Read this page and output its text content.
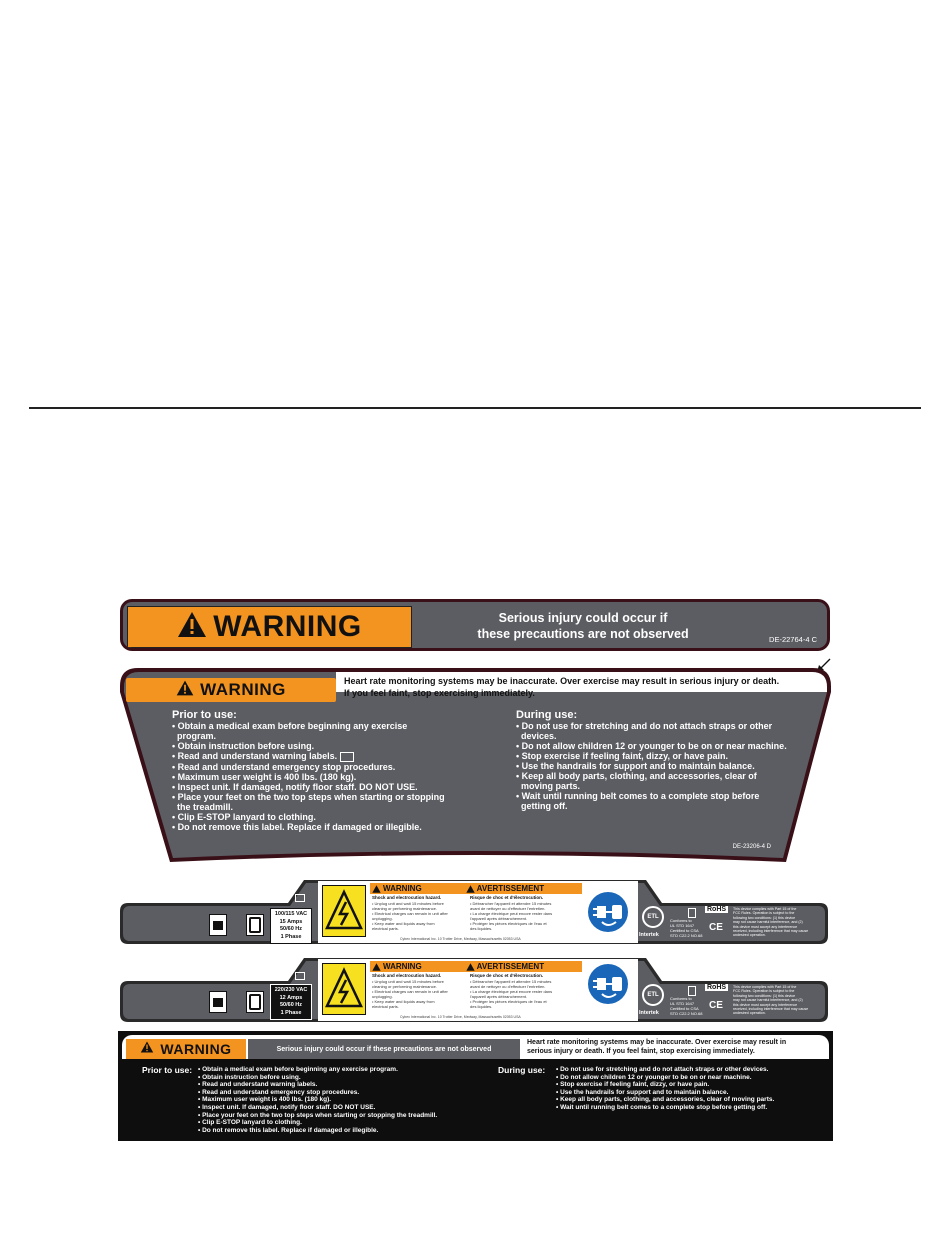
WARNING	Serious injury could occur if
these precautions are not observed	DE-22764-4 C
WARNING	Heart rate monitoring systems may be inaccurate. Over exercise may result in serious injury or death.
If you feel faint, stop exercising immediately.
Prior to use:
• Obtain a medical exam before beginning any exercise
program.
• Obtain instruction before using.
• Read and understand warning labels.
• Read and understand emergency stop procedures.
• Maximum user weight is 400 lbs. (180 kg).
• Inspect unit. If damaged, notify floor staff. DO NOT USE.
• Place your feet on the two top steps when starting or stopping
the treadmill.
• Clip E-STOP lanyard to clothing.
• Do not remove this label. Replace if damaged or illegible.
During use:
• Do not use for stretching and do not attach straps or other
devices.
• Do not allow children 12 or younger to be on or near machine.
• Stop exercise if feeling faint, dizzy, or have pain.
• Use the handrails for support and to maintain balance.
• Keep all body parts, clothing, and accessories, clear of
moving parts.
• Wait until running belt comes to a complete stop before
getting off.
DE-23206-4 D
100/115 VAC
15 Amps
50/60 Hz
1 Phase
WARNING	AVERTISSEMENT
Shock and electrocution hazard.	Risque de choc et d'électrocution.
• Unplug unit and wait 15 minutes before
cleaning or performing maintenance.
• Electrical charges can remain in unit after
unplugging.
• Keep water and liquids away from
electrical parts.
• Débrancher l'appareil et attendre 15 minutes
avant de nettoyer ou d'effectuer l'entretien.
• La charge électrique peut encore rester dans
l'appareil après débranchement.
• Protéger les pièces électriques de l'eau et
des liquides.
Cybex International Inc. 10 Trotter Drive, Medway, Massachusetts 02053 USA
ETL
Intertek
Conforms to
UL STD 1647
Certified to CSA
STD C22.2 NO.68
RoHS
CE
This device complies with Part 15 of the
FCC Rules. Operation is subject to the
following two conditions: (1) this device
may not cause harmful interference, and (2)
this device must accept any interference
received, including interference that may cause
undesired operation.
220/230 VAC
12 Amps
50/60 Hz
1 Phase
WARNING	AVERTISSEMENT
Shock and electrocution hazard.	Risque de choc et d'électrocution.
• Unplug unit and wait 15 minutes before
cleaning or performing maintenance.
• Electrical charges can remain in unit after
unplugging.
• Keep water and liquids away from
electrical parts.
• Débrancher l'appareil et attendre 15 minutes
avant de nettoyer ou d'effectuer l'entretien.
• La charge électrique peut encore rester dans
l'appareil après débranchement.
• Protéger les pièces électriques de l'eau et
des liquides.
Cybex International Inc. 10 Trotter Drive, Medway, Massachusetts 02053 USA
ETL
Intertek
Conforms to
UL STD 1647
Certified to CSA
STD C22.2 NO.68
RoHS
CE
This device complies with Part 15 of the
FCC Rules. Operation is subject to the
following two conditions: (1) this device
may not cause harmful interference, and (2)
this device must accept any interference
received, including interference that may cause
undesired operation.
WARNING	Serious injury could occur if these precautions are not observed
Heart rate monitoring systems may be inaccurate. Over exercise may result in
serious injury or death. If you feel faint, stop exercising immediately.
Prior to use: • Obtain a medical exam before beginning any exercise program.
• Obtain instruction before using.
• Read and understand warning labels.
• Read and understand emergency stop procedures.
• Maximum user weight is 400 lbs. (180 kg).
• Inspect unit. If damaged, notify floor staff. DO NOT USE.
• Place your feet on the two top steps when starting or stopping the treadmill.
• Clip E-STOP lanyard to clothing.
• Do not remove this label. Replace if damaged or illegible.
During use: • Do not use for stretching and do not attach straps or other devices.
• Do not allow children 12 or younger to be on or near machine.
• Stop exercise if feeling faint, dizzy, or have pain.
• Use the handrails for support and to maintain balance.
• Keep all body parts, clothing, and accessories, clear of moving parts.
• Wait until running belt comes to a complete stop before getting off.
